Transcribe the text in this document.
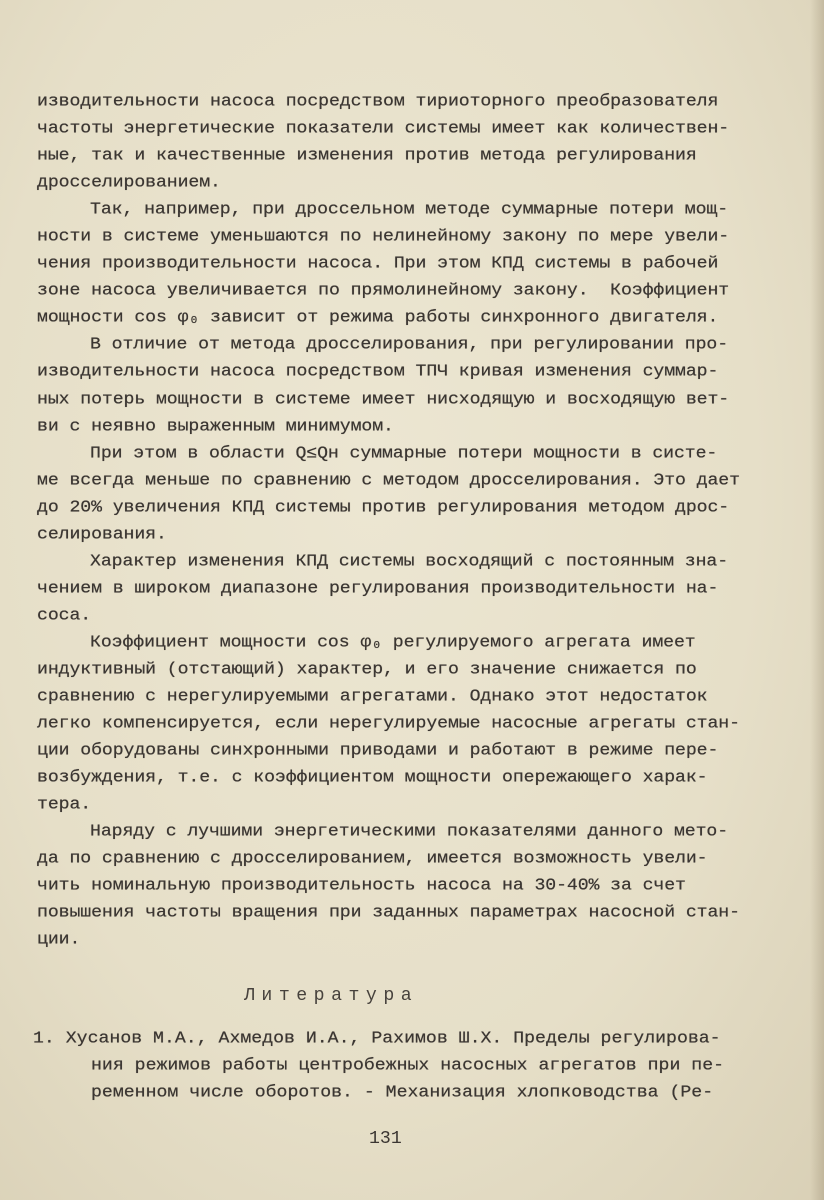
изводительности насоса посредством тириоторного преобразователя
частоты энергетические показатели системы имеет как количествен-
ные, так и качественные изменения против метода регулирования
дросселированием.
Так, например, при дроссельном методе суммарные потери мощ-
ности в системе уменьшаются по нелинейному закону по мере увели-
чения производительности насоса. При этом КПД системы в рабочей
зоне насоса увеличивается по прямолинейному закону.  Коэффициент
мощности cos φ₀ зависит от режима работы синхронного двигателя.
В отличие от метода дросселирования, при регулировании про-
изводительности насоса посредством ТПЧ кривая изменения суммар-
ных потерь мощности в системе имеет нисходящую и восходящую вет-
ви с неявно выраженным минимумом.
При этом в области Q≤Qн суммарные потери мощности в систе-
ме всегда меньше по сравнению с методом дросселирования. Это дает
до 20% увеличения КПД системы против регулирования методом дрос-
селирования.
Характер изменения КПД системы восходящий с постоянным зна-
чением в широком диапазоне регулирования производительности на-
соса.
Коэффициент мощности cos φ₀ регулируемого агрегата имеет
индуктивный (отстающий) характер, и его значение снижается по
сравнению с нерегулируемыми агрегатами. Однако этот недостаток
легко компенсируется, если нерегулируемые насосные агрегаты стан-
ции оборудованы синхронными приводами и работают в режиме пере-
возбуждения, т.е. с коэффициентом мощности опережающего харак-
тера.
Наряду с лучшими энергетическими показателями данного мето-
да по сравнению с дросселированием, имеется возможность увели-
чить номинальную производительность насоса на 30-40% за счет
повышения частоты вращения при заданных параметрах насосной стан-
ции.
Литература
1. Хусанов М.А., Ахмедов И.А., Рахимов Ш.Х. Пределы регулирова-
ния режимов работы центробежных насосных агрегатов при пе-
ременном числе оборотов. - Механизация хлопководства (Ре-
131
